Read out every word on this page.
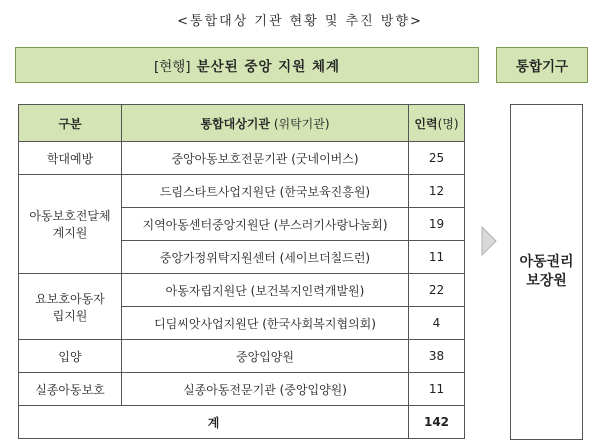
<통합대상 기관 현황 및 추진 방향>
[현행] 분산된 중앙 지원 체계	통합기구
구분	통합대상기관 (위탁기관)	인력(명)
학대예방	중앙아동보호전문기관 (굿네이버스)	25
아동보호전달체계지원	드림스타트사업지원단 (한국보육진흥원)	12
	지역아동센터중앙지원단 (부스러기사랑나눔회)	19
	중앙가정위탁지원센터 (세이브더칠드런)	11
요보호아동자립지원	아동자립지원단 (보건복지인력개발원)	22
	디딤씨앗사업지원단 (한국사회복지협의회)	4
입양	중앙입양원	38
실종아동보호	실종아동전문기관 (중앙입양원)	11
계		142
아동권리
보장원
